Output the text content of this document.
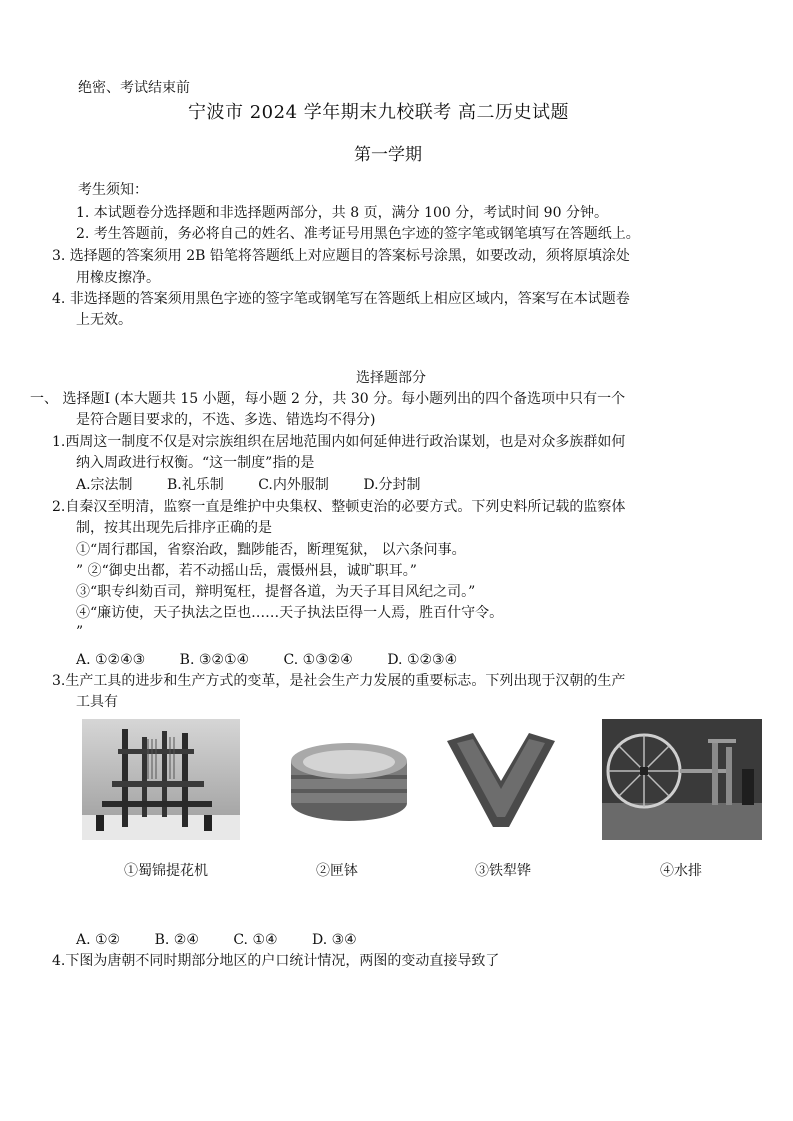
绝密、考试结束前
宁波市 2024 学年期末九校联考 高二历史试题
第一学期
考生须知：
1. 本试题卷分选择题和非选择题两部分，共 8 页，满分 100 分，考试时间 90 分钟。
2. 考生答题前，务必将自己的姓名、准考证号用黑色字迹的签字笔或钢笔填写在答题纸上。
3. 选择题的答案须用 2B 铅笔将答题纸上对应题目的答案标号涂黑，如要改动，须将原填涂处
用橡皮擦净。
4. 非选择题的答案须用黑色字迹的签字笔或钢笔写在答题纸上相应区域内，答案写在本试题卷
上无效。
选择题部分
一、 选择题Ⅰ (本大题共 15 小题，每小题 2 分，共 30 分。每小题列出的四个备选项中只有一个
是符合题目要求的，不选、多选、错选均不得分)
1.西周这一制度不仅是对宗族组织在居地范围内如何延伸进行政治谋划，也是对众多族群如何
纳入周政进行权衡。“这一制度”指的是
A.宗法制 B.礼乐制 C.内外服制 D.分封制
2.自秦汉至明清，监察一直是维护中央集权、整顿吏治的必要方式。下列史料所记载的监察体
制，按其出现先后排序正确的是
①“周行郡国，省察治政，黜陟能否，断理冤狱， 以六条问事。
” ②“御史出都，若不动摇山岳，震慑州县，诚旷职耳。”
③“职专纠劾百司，辩明冤枉，提督各道，为天子耳目风纪之司。”
④“廉访使，天子执法之臣也……天子执法臣得一人焉，胜百什守令。
”
A. ①②④③ B. ③②①④ C. ①③②④ D. ①②③④
3.生产工具的进步和生产方式的变革，是社会生产力发展的重要标志。下列出现于汉朝的生产
工具有
①蜀锦提花机	②匣钵	③铁犁铧	④水排
A. ①② B. ②④ C. ①④ D. ③④
4.下图为唐朝不同时期部分地区的户口统计情况，两图的变动直接导致了
